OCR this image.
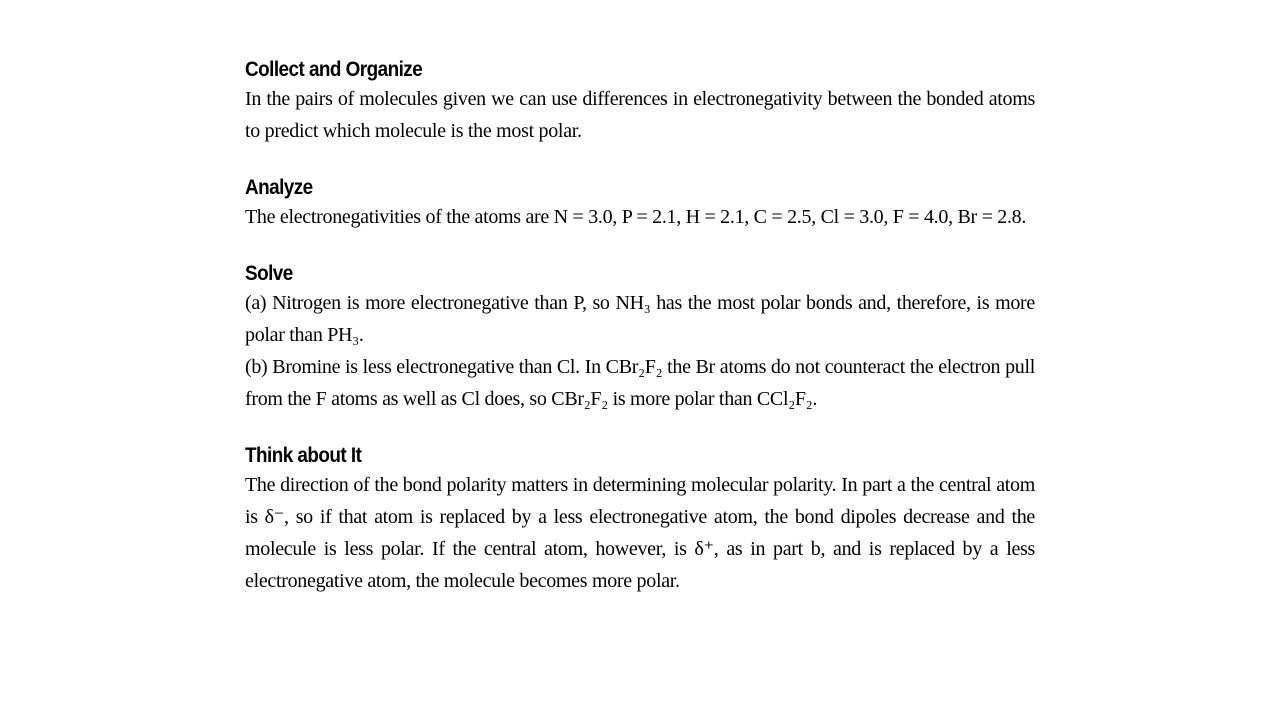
Collect and Organize

In the pairs of molecules given we can use differences in electronegativity between the bonded atoms to predict which molecule is the most polar.

Analyze

The electronegativities of the atoms are N = 3.0, P = 2.1, H = 2.1, C = 2.5, Cl = 3.0, F = 4.0, Br = 2.8.

Solve

(a) Nitrogen is more electronegative than P, so NH₃ has the most polar bonds and, therefore, is more polar than PH₃.

(b) Bromine is less electronegative than Cl. In CBr₂F₂ the Br atoms do not counteract the electron pull from the F atoms as well as Cl does, so CBr₂F₂ is more polar than CCl₂F₂.

Think about It

The direction of the bond polarity matters in determining molecular polarity. In part a the central atom is δ⁻, so if that atom is replaced by a less electronegative atom, the bond dipoles decrease and the molecule is less polar. If the central atom, however, is δ⁺, as in part b, and is replaced by a less electronegative atom, the molecule becomes more polar.
